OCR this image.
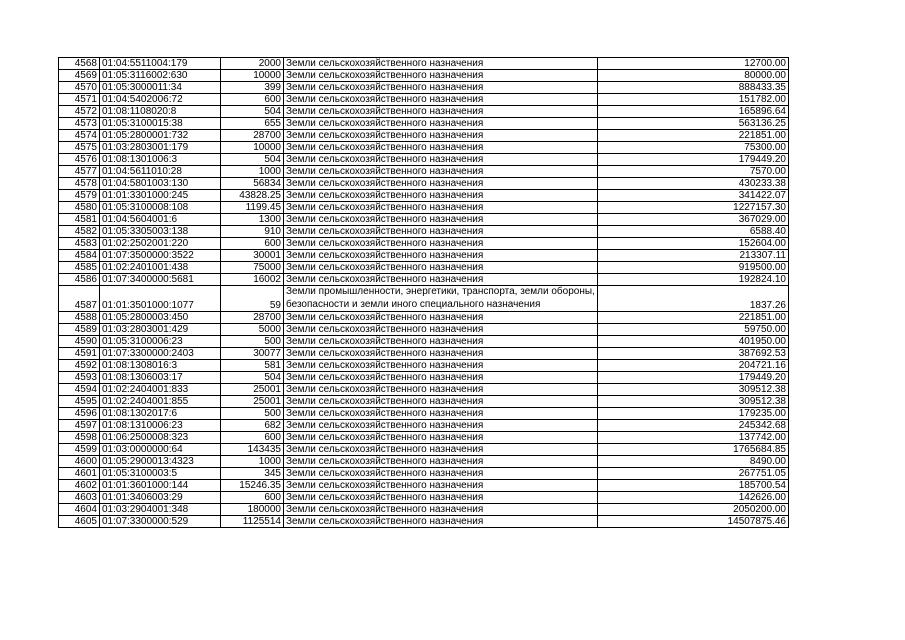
4568	01:04:5511004:179	2000	Земли сельскохозяйственного назначения	12700.00
4569	01:05:3116002:630	10000	Земли сельскохозяйственного назначения	80000.00
4570	01:05:3000011:34	399	Земли сельскохозяйственного назначения	888433.35
4571	01:04:5402006:72	600	Земли сельскохозяйственного назначения	151782.00
4572	01:08:1108020:8	504	Земли сельскохозяйственного назначения	165896.64
4573	01:05:3100015:38	655	Земли сельскохозяйственного назначения	563136.25
4574	01:05:2800001:732	28700	Земли сельскохозяйственного назначения	221851.00
4575	01:03:2803001:179	10000	Земли сельскохозяйственного назначения	75300.00
4576	01:08:1301006:3	504	Земли сельскохозяйственного назначения	179449.20
4577	01:04:5611010:28	1000	Земли сельскохозяйственного назначения	7570.00
4578	01:04:5801003:130	56834	Земли сельскохозяйственного назначения	430233.38
4579	01:01:3301000:245	43828.25	Земли сельскохозяйственного назначения	341422.07
4580	01:05:3100008:108	1199.45	Земли сельскохозяйственного назначения	1227157.30
4581	01:04:5604001:6	1300	Земли сельскохозяйственного назначения	367029.00
4582	01:05:3305003:138	910	Земли сельскохозяйственного назначения	6588.40
4583	01:02:2502001:220	600	Земли сельскохозяйственного назначения	152604.00
4584	01:07:3500000:3522	30001	Земли сельскохозяйственного назначения	213307.11
4585	01:02:2401001:438	75000	Земли сельскохозяйственного назначения	919500.00
4586	01:07:3400000:5681	16002	Земли сельскохозяйственного назначения	192824.10
4587	01:01:3501000:1077	59	Земли промышленности, энергетики, транспорта, земли обороны, безопасности и земли иного специального назначения	1837.26
4588	01:05:2800003:450	28700	Земли сельскохозяйственного назначения	221851.00
4589	01:03:2803001:429	5000	Земли сельскохозяйственного назначения	59750.00
4590	01:05:3100006:23	500	Земли сельскохозяйственного назначения	401950.00
4591	01:07:3300000:2403	30077	Земли сельскохозяйственного назначения	387692.53
4592	01:08:1308016:3	581	Земли сельскохозяйственного назначения	204721.16
4593	01:08:1306003:17	504	Земли сельскохозяйственного назначения	179449.20
4594	01:02:2404001:833	25001	Земли сельскохозяйственного назначения	309512.38
4595	01:02:2404001:855	25001	Земли сельскохозяйственного назначения	309512.38
4596	01:08:1302017:6	500	Земли сельскохозяйственного назначения	179235.00
4597	01:08:1310006:23	682	Земли сельскохозяйственного назначения	245342.68
4598	01:06:2500008:323	600	Земли сельскохозяйственного назначения	137742.00
4599	01:03:0000000:64	143435	Земли сельскохозяйственного назначения	1765684.85
4600	01:05:2900013:4323	1000	Земли сельскохозяйственного назначения	8490.00
4601	01:05:3100003:5	345	Земли сельскохозяйственного назначения	267751.05
4602	01:01:3601000:144	15246.35	Земли сельскохозяйственного назначения	185700.54
4603	01:01:3406003:29	600	Земли сельскохозяйственного назначения	142626.00
4604	01:03:2904001:348	180000	Земли сельскохозяйственного назначения	2050200.00
4605	01:07:3300000:529	1125514	Земли сельскохозяйственного назначения	14507875.46
